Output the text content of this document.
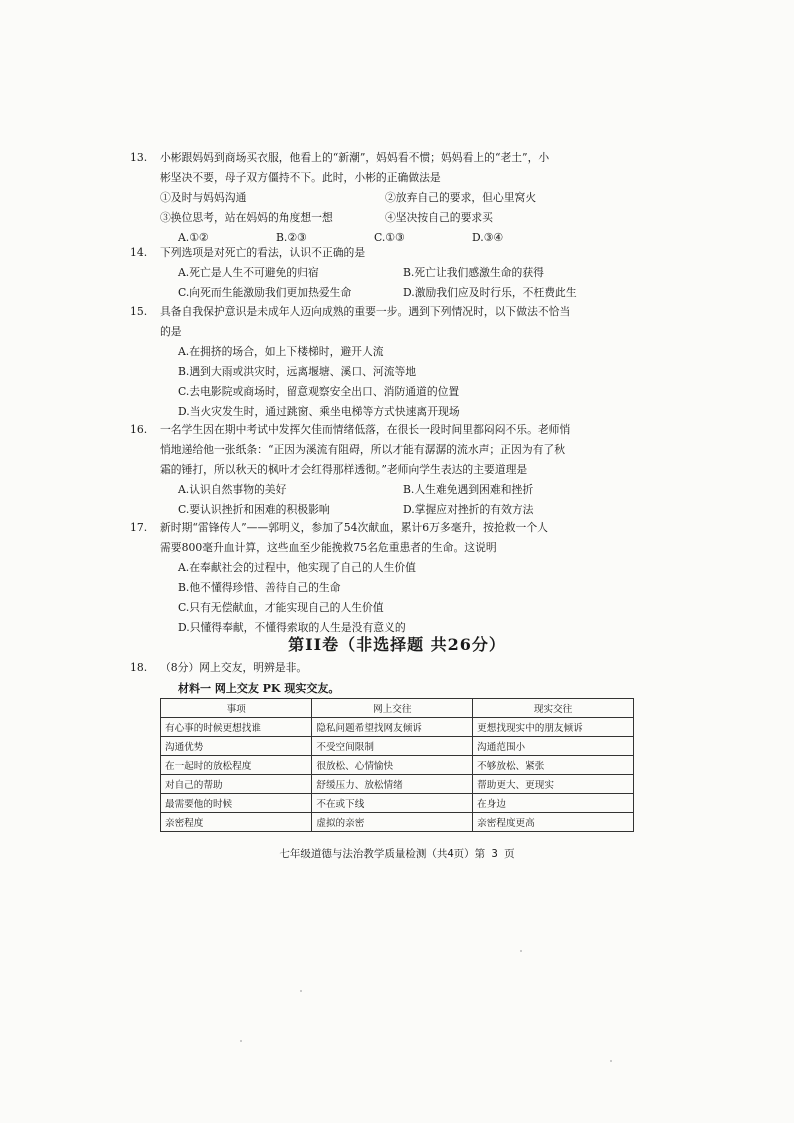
13. 小彬跟妈妈到商场买衣服，他看上的“新潮”，妈妈看不惯；妈妈看上的“老土”，小
彬坚决不要，母子双方僵持不下。此时，小彬的正确做法是
①及时与妈妈沟通	②放弃自己的要求，但心里窝火
③换位思考，站在妈妈的角度想一想	④坚决按自己的要求买
A.①②	B.②③	C.①③	D.③④
14. 下列选项是对死亡的看法，认识不正确的是
A.死亡是人生不可避免的归宿	B.死亡让我们感激生命的获得
C.向死而生能激励我们更加热爱生命	D.激励我们应及时行乐，不枉费此生
15. 具备自我保护意识是未成年人迈向成熟的重要一步。遇到下列情况时，以下做法不恰当
的是
A.在拥挤的场合，如上下楼梯时，避开人流
B.遇到大雨或洪灾时，远离堰塘、溪口、河流等地
C.去电影院或商场时，留意观察安全出口、消防通道的位置
D.当火灾发生时，通过跳窗、乘坐电梯等方式快速离开现场
16. 一名学生因在期中考试中发挥欠佳而情绪低落，在很长一段时间里都闷闷不乐。老师悄
悄地递给他一张纸条：“正因为溪流有阻碍，所以才能有潺潺的流水声；正因为有了秋
霜的锤打，所以秋天的枫叶才会红得那样透彻。”老师向学生表达的主要道理是
A.认识自然事物的美好	B.人生难免遇到困难和挫折
C.要认识挫折和困难的积极影响	D.掌握应对挫折的有效方法
17. 新时期“雷锋传人”——郭明义，参加了54次献血，累计6万多毫升，按抢救一个人
需要800毫升血计算，这些血至少能挽救75名危重患者的生命。这说明
A.在奉献社会的过程中，他实现了自己的人生价值
B.他不懂得珍惜、善待自己的生命
C.只有无偿献血，才能实现自己的人生价值
D.只懂得奉献，不懂得索取的人生是没有意义的
第II卷（非选择题 共26分）
18. （8分）网上交友，明辨是非。
材料一 网上交友 PK 现实交友。
事项	网上交往	现实交往
有心事的时候更想找谁	隐私问题希望找网友倾诉	更想找现实中的朋友倾诉
沟通优势	不受空间限制	沟通范围小
在一起时的放松程度	很放松、心情愉快	不够放松、紧张
对自己的帮助	舒缓压力、放松情绪	帮助更大、更现实
最需要他的时候	不在或下线	在身边
亲密程度	虚拟的亲密	亲密程度更高
七年级道德与法治教学质量检测（共4页）第 3 页
